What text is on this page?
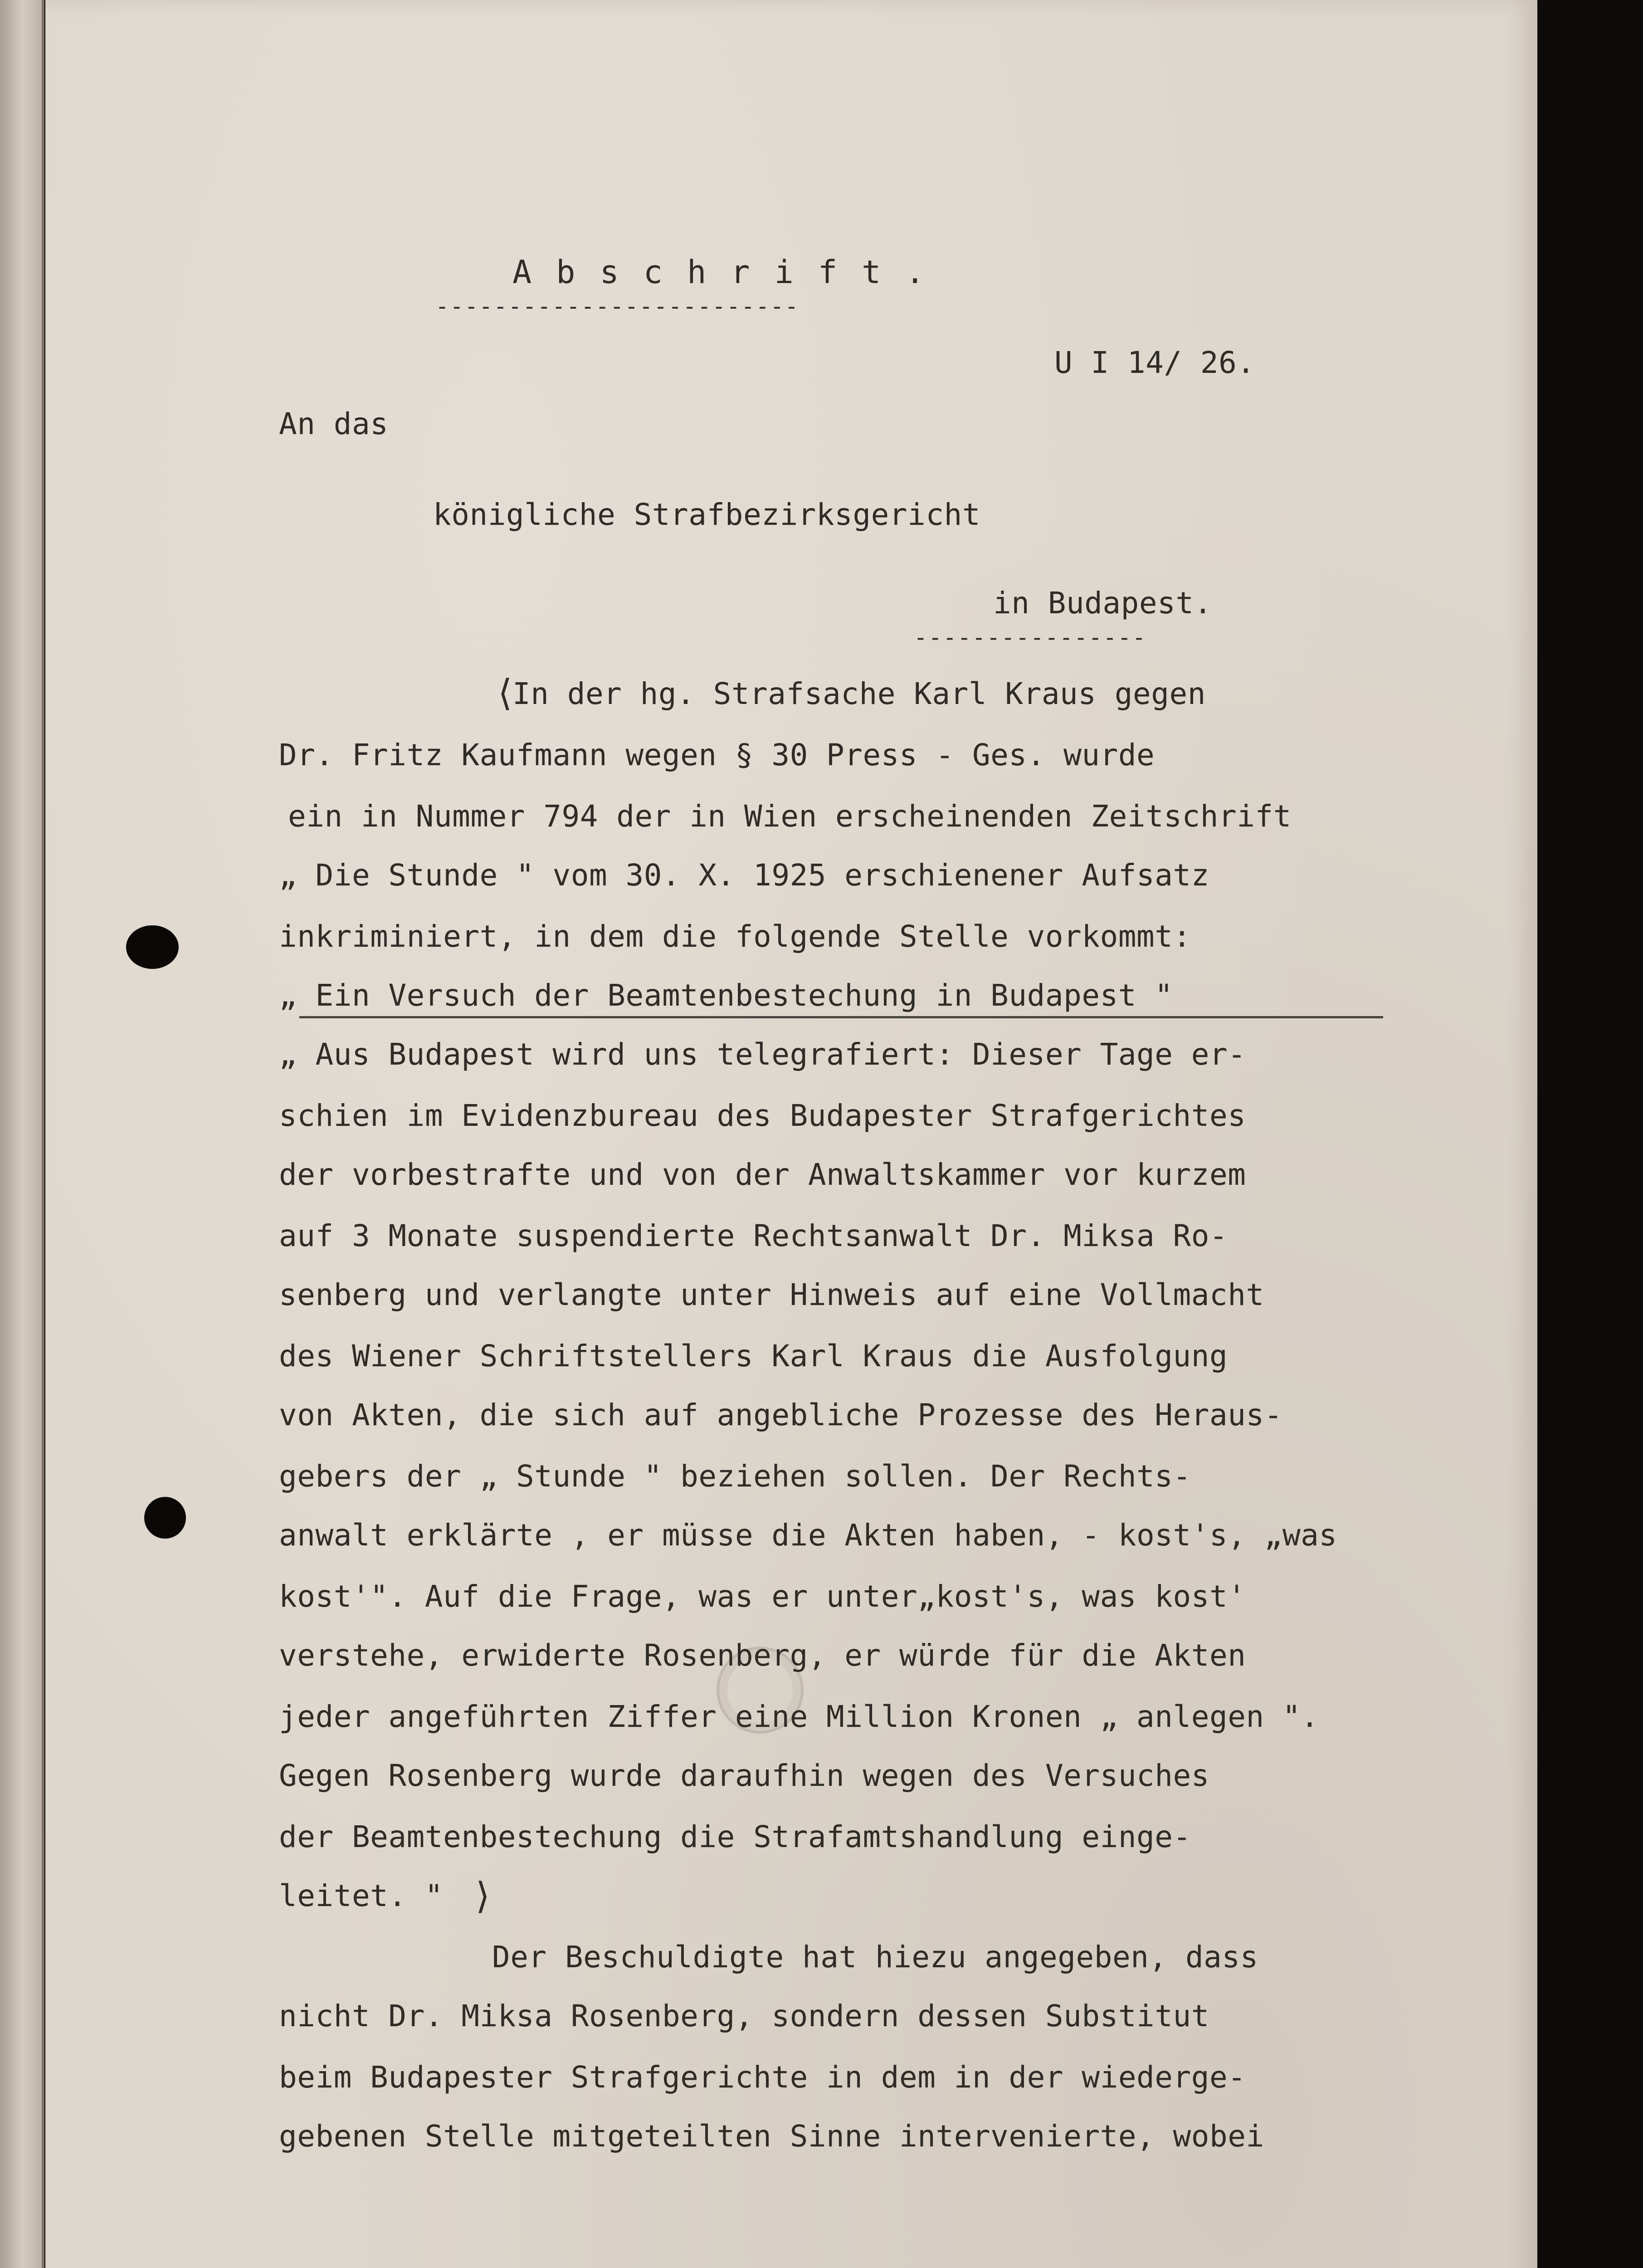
A b s c h r i f t .

-------------------------

U I 14/ 26.

An das

königliche Strafbezirksgericht

in Budapest.

----------------

⟨

In der hg. Strafsache Karl Kraus gegen

Dr. Fritz Kaufmann wegen § 30 Press - Ges. wurde

ein in Nummer 794 der in Wien erscheinenden Zeitschrift

„ Die Stunde " vom 30. X. 1925 erschienener Aufsatz

inkriminiert, in dem die folgende Stelle vorkommt:

„ Ein Versuch der Beamtenbestechung in Budapest "

„ Aus Budapest wird uns telegrafiert: Dieser Tage er-

schien im Evidenzbureau des Budapester Strafgerichtes

der vorbestrafte und von der Anwaltskammer vor kurzem

auf 3 Monate suspendierte Rechtsanwalt Dr. Miksa Ro-

senberg und verlangte unter Hinweis auf eine Vollmacht

des Wiener Schriftstellers Karl Kraus die Ausfolgung

von Akten, die sich auf angebliche Prozesse des Heraus-

gebers der „ Stunde " beziehen sollen. Der Rechts-

anwalt erklärte , er müsse die Akten haben, - kost's, „was

kost'". Auf die Frage, was er unter„kost's, was kost'

verstehe, erwiderte Rosenberg, er würde für die Akten

jeder angeführten Ziffer eine Million Kronen „ anlegen ".

Gegen Rosenberg wurde daraufhin wegen des Versuches

der Beamtenbestechung die Strafamtshandlung einge-

leitet. " ⟩

Der Beschuldigte hat hiezu angegeben, dass

nicht Dr. Miksa Rosenberg, sondern dessen Substitut

beim Budapester Strafgerichte in dem in der wiederge-

gebenen Stelle mitgeteilten Sinne intervenierte, wobei
